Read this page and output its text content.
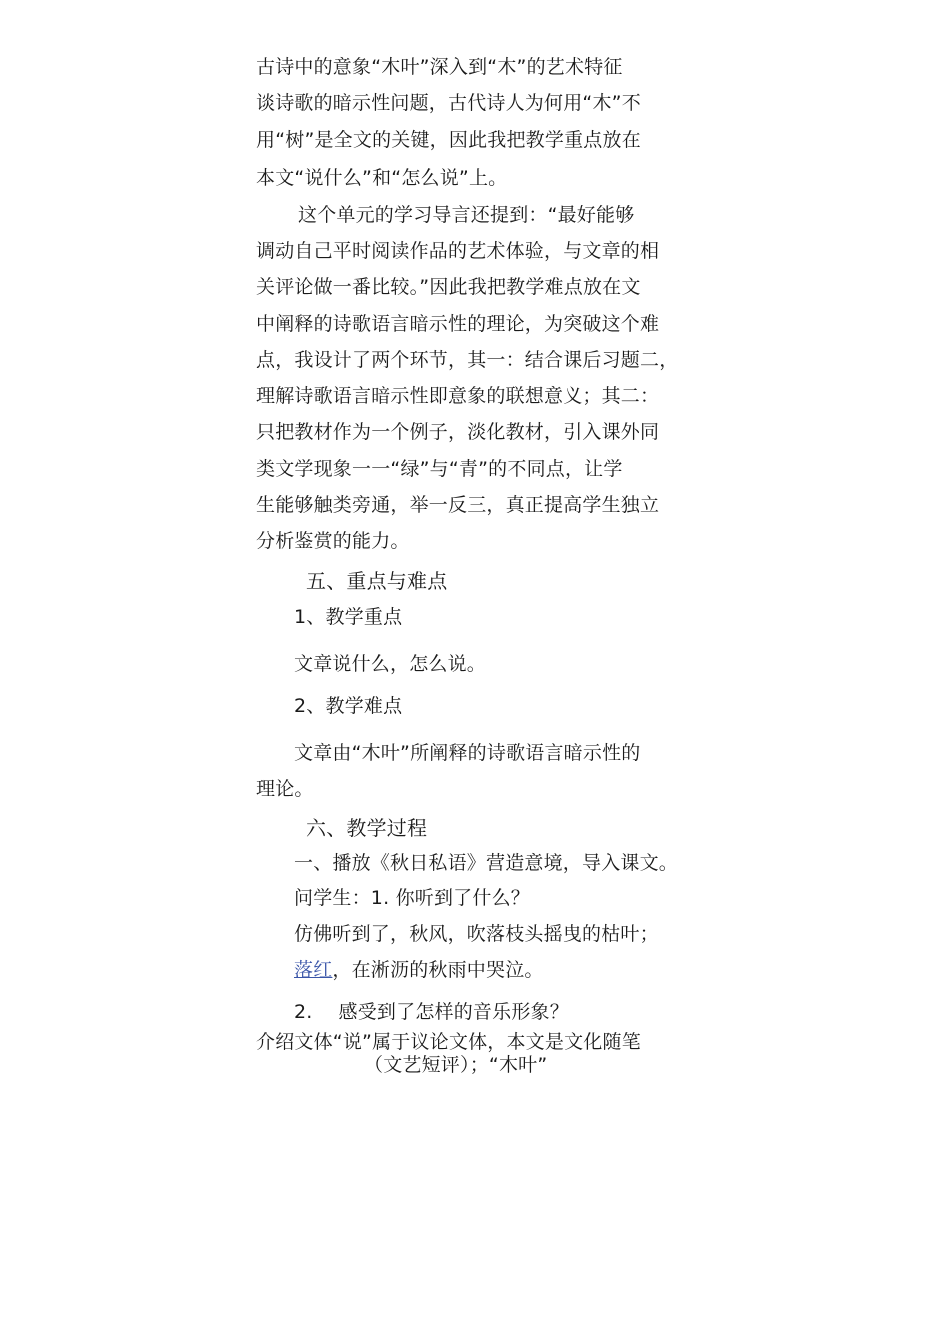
古诗中的意象“木叶”深入到“木”的艺术特征
谈诗歌的暗示性问题，古代诗人为何用“木”不
用“树”是全文的关键，因此我把教学重点放在
本文“说什么”和“怎么说”上。
这个单元的学习导言还提到：“最好能够
调动自己平时阅读作品的艺术体验，与文章的相
关评论做一番比较。”因此我把教学难点放在文
中阐释的诗歌语言暗示性的理论，为突破这个难
点，我设计了两个环节，其一：结合课后习题二，
理解诗歌语言暗示性即意象的联想意义；其二：
只把教材作为一个例子，淡化教材，引入课外同
类文学现象一一“绿”与“青”的不同点，让学
生能够触类旁通，举一反三，真正提高学生独立
分析鉴赏的能力。
五、重点与难点
1、教学重点
文章说什么，怎么说。
2、教学难点
文章由“木叶”所阐释的诗歌语言暗示性的
理论。
六、教学过程
一、播放《秋日私语》营造意境，导入课文。
问学生：1. 你听到了什么？
仿佛听到了，秋风，吹落枝头摇曳的枯叶；
落红，在淅沥的秋雨中哭泣。
2. 感受到了怎样的音乐形象？
介绍文体“说”属于议论文体，本文是文化随笔
（文艺短评）；“木叶”
